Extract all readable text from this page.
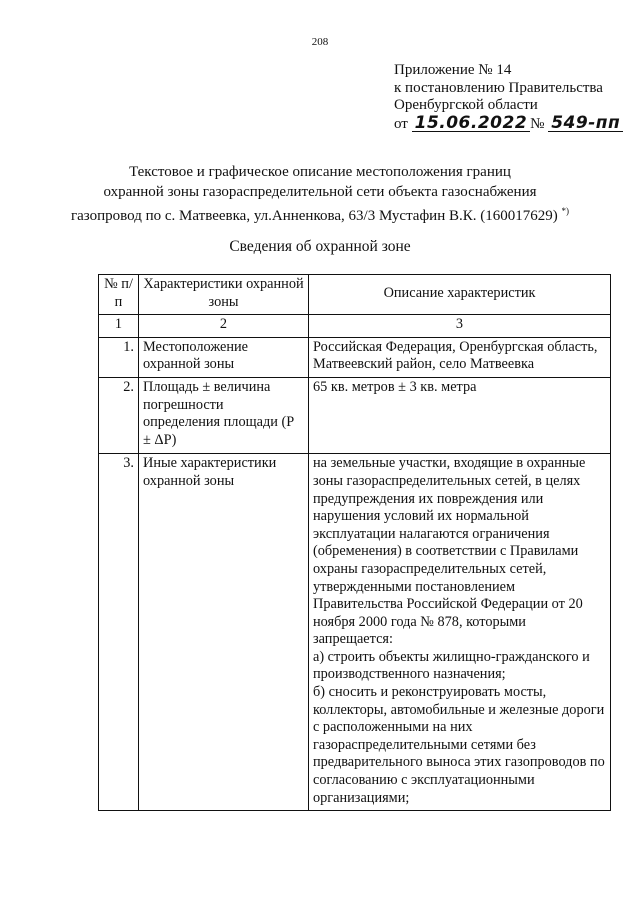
208
Приложение № 14
к постановлению Правительства
Оренбургской области
от 15.06.2022 № 549-пп
Текстовое и графическое описание местоположения границ
охранной зоны газораспределительной сети объекта газоснабжения
газопровод по с. Матвеевка, ул.Анненкова, 63/3 Мустафин В.К. (160017629) *)
Сведения об охранной зоне
№ п/п	Характеристики охранной зоны	Описание характеристик
1	2	3
1.	Местоположение охранной зоны	Российская Федерация, Оренбургская область, Матвеевский район, село Матвеевка
2.	Площадь ± величина погрешности определения площади (P ± ΔP)	65 кв. метров ± 3 кв. метра
3.	Иные характеристики охранной зоны	на земельные участки, входящие в охранные зоны газораспределительных сетей, в целях предупреждения их повреждения или нарушения условий их нормальной эксплуатации налагаются ограничения (обременения) в соответствии с Правилами охраны газораспределительных сетей, утвержденными постановлением Правительства Российской Федерации от 20 ноября 2000 года № 878, которыми запрещается:
а) строить объекты жилищно-гражданского и производственного назначения;
б) сносить и реконструировать мосты, коллекторы, автомобильные и железные дороги с расположенными на них газораспределительными сетями без предварительного выноса этих газопроводов по согласованию с эксплуатационными организациями;
